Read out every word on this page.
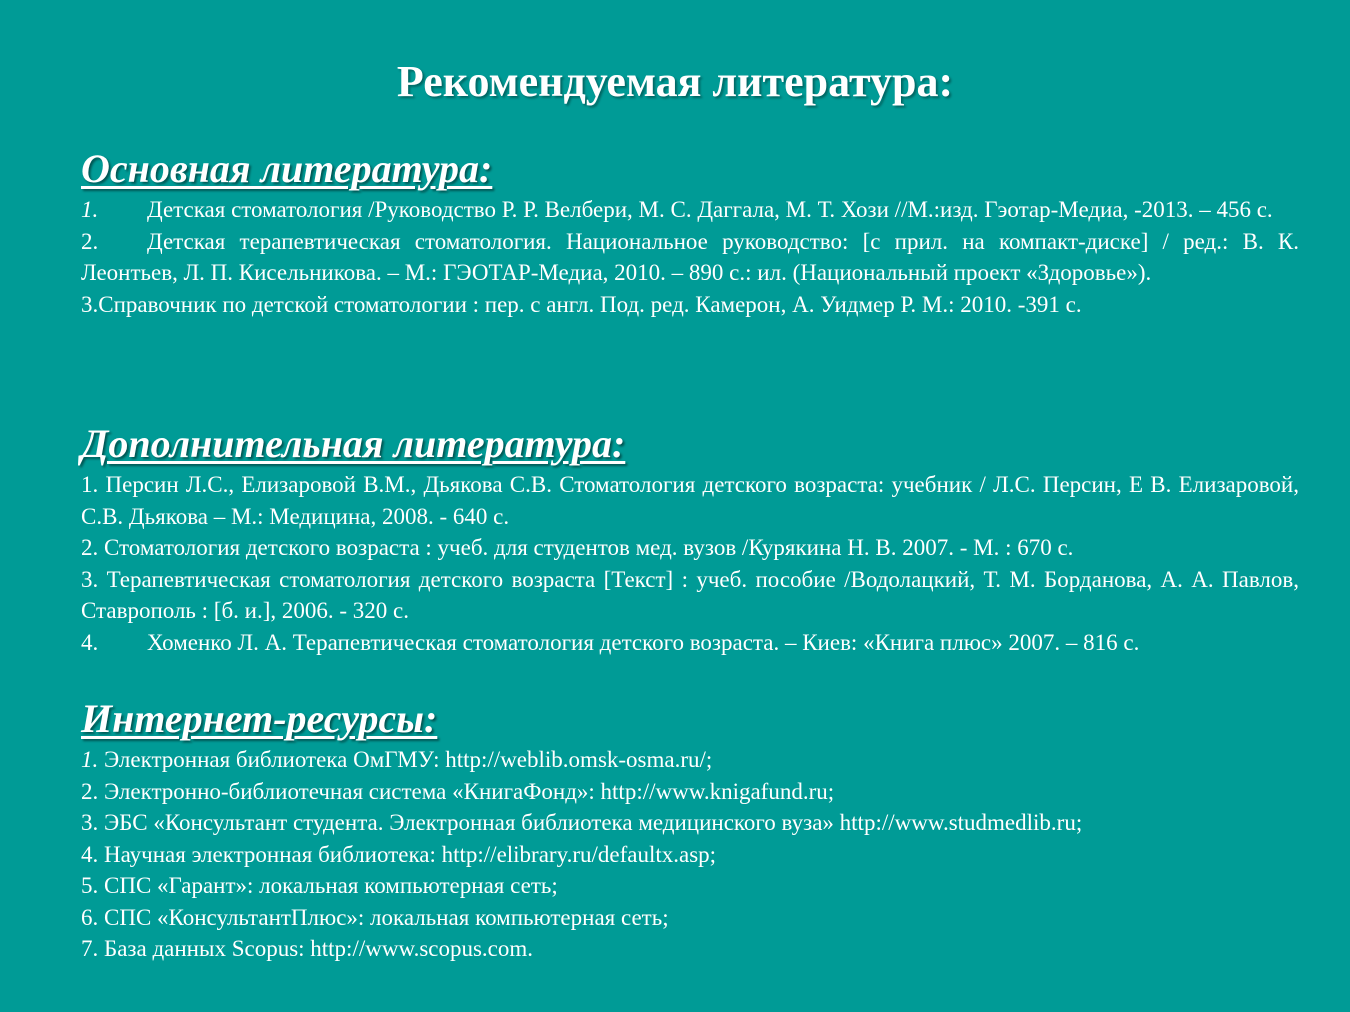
Рекомендуемая литература:
Основная литература:
1. Детская стоматология /Руководство Р. Р. Велбери, М. С. Даггала, М. Т. Хози //М.:изд. Гэотар-Медиа, -2013. – 456 с.
2. Детская терапевтическая стоматология. Национальное руководство: [с прил. на компакт-диске] / ред.: В. К. Леонтьев, Л. П. Кисельникова. – М.: ГЭОТАР-Медиа, 2010. – 890 с.: ил. (Национальный проект «Здоровье»).
3.Справочник по детской стоматологии : пер. с англ. Под. ред. Камерон, А. Уидмер Р. М.: 2010. -391 с.
Дополнительная литература:
1. Персин Л.С., Елизаровой В.М., Дьякова С.В. Стоматология детского возраста: учебник / Л.С. Персин, Е В. Елизаровой, С.В. Дьякова – М.: Медицина, 2008. - 640 с.
2. Стоматология детского возраста : учеб. для студентов мед. вузов /Курякина Н. В. 2007. - М. : 670 с.
3. Терапевтическая стоматология детского возраста [Текст] : учеб. пособие /Водолацкий, Т. М. Борданова, А. А. Павлов, Ставрополь : [б. и.], 2006. - 320 с.
4. Хоменко Л. А. Терапевтическая стоматология детского возраста. – Киев: «Книга плюс» 2007. – 816 с.
Интернет-ресурсы:
1. Электронная библиотека ОмГМУ: http://weblib.omsk-osma.ru/;
2. Электронно-библиотечная система «КнигаФонд»: http://www.knigafund.ru;
3. ЭБС «Консультант студента. Электронная библиотека медицинского вуза» http://www.studmedlib.ru;
4. Научная электронная библиотека: http://elibrary.ru/defaultx.asp;
5. СПС «Гарант»: локальная компьютерная сеть;
6. СПС «КонсультантПлюс»: локальная компьютерная сеть;
7. База данных Scopus: http://www.scopus.com.
